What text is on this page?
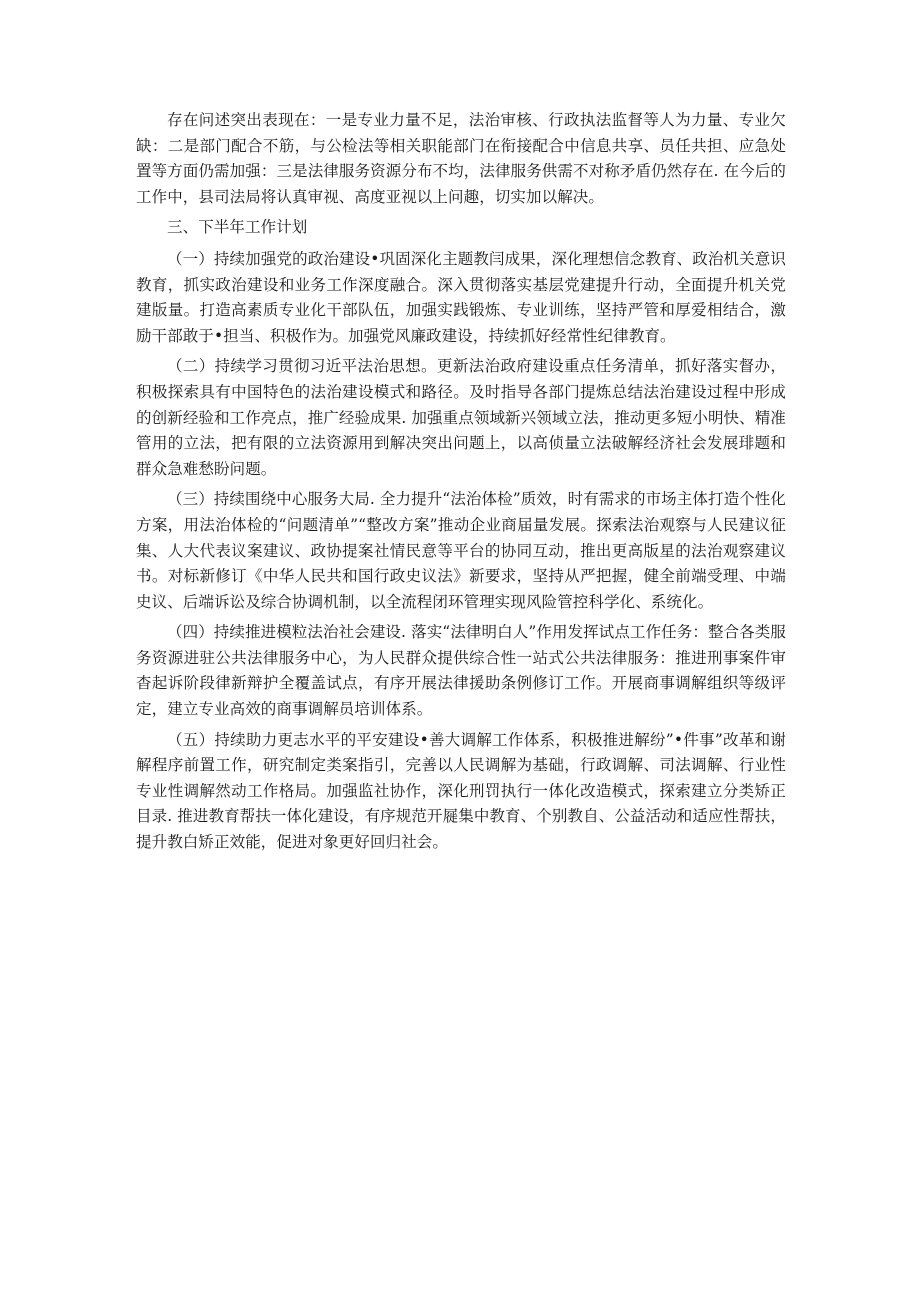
存在问述突出表现在：一是专业力量不足，法治审核、行政执法监督等人为力量、专业欠缺：二是部门配合不筋，与公检法等相关职能部门在衔接配合中信息共享、员任共担、应急处置等方面仍需加强：三是法律服务资源分布不均，法律服务供需不对称矛盾仍然存在. 在今后的工作中，县司法局将认真审视、高度亚视以上问趣，切实加以解决。

三、下半年工作计划

（一）持续加强党的政治建设•巩固深化主题教闫成果，深化理想信念教育、政治机关意识教育，抓实政治建设和业务工作深度融合。深入贯彻落实基层党建提升行动，全面提升机关党建版量。打造高素质专业化干部队伍，加强实践锻炼、专业训练，坚持严管和厚爱相结合，激励干部敢于•担当、积极作为。加强党风廉政建设，持续抓好经常性纪律教育。

（二）持续学习贯彻习近平法治思想。更新法治政府建设重点任务清单，抓好落实督办，积极探索具有中国特色的法治建设模式和路径。及时指导各部门提炼总结法治建设过程中形成的创新经验和工作亮点，推广经验成果. 加强重点领域新兴领域立法，推动更多短小明快、精准管用的立法，把有限的立法资源用到解决突出问题上，以高侦量立法破解经济社会发展琲题和群众急难愁盼问题。

（三）持续围绕中心服务大局. 全力提升“法治体检”质效，时有需求的市场主体打造个性化方案，用法治体检的“问题清单”“整改方案”推动企业商届量发展。探索法治观察与人民建议征集、人大代表议案建议、政协提案社情民意等平台的协同互动，推出更高版星的法治观察建议书。对标新修订《中华人民共和国行政史议法》新要求，坚持从严把握，健全前端受理、中端史议、后端诉讼及综合协调机制，以全流程闭环管理实现风险管控科学化、系统化。

（四）持续推进模粒法治社会建设. 落实“法律明白人”作用发挥试点工作任务：整合各类服务资源进驻公共法律服务中心，为人民群众提供综合性一站式公共法律服务：推进刑事案件审杳起诉阶段律新辩护全覆盖试点，有序开展法律援助条例修订工作。开展商事调解组织等级评定，建立专业高效的商事调解员培训体系。

（五）持续助力更志水平的平安建设•善大调解工作体系，积极推进解纷”•件事”改革和谢解程序前置工作，研究制定类案指引，完善以人民调解为基础，行政调解、司法调解、行业性专业性调解然动工作格局。加强监社协作，深化刑罚执行一体化改造模式，探索建立分类矫正目录. 推进教育帮扶一体化建设，有序规范开屣集中教育、个别教自、公益活动和适应性帮扶，提升教白矫正效能，促进对象更好回归社会。
